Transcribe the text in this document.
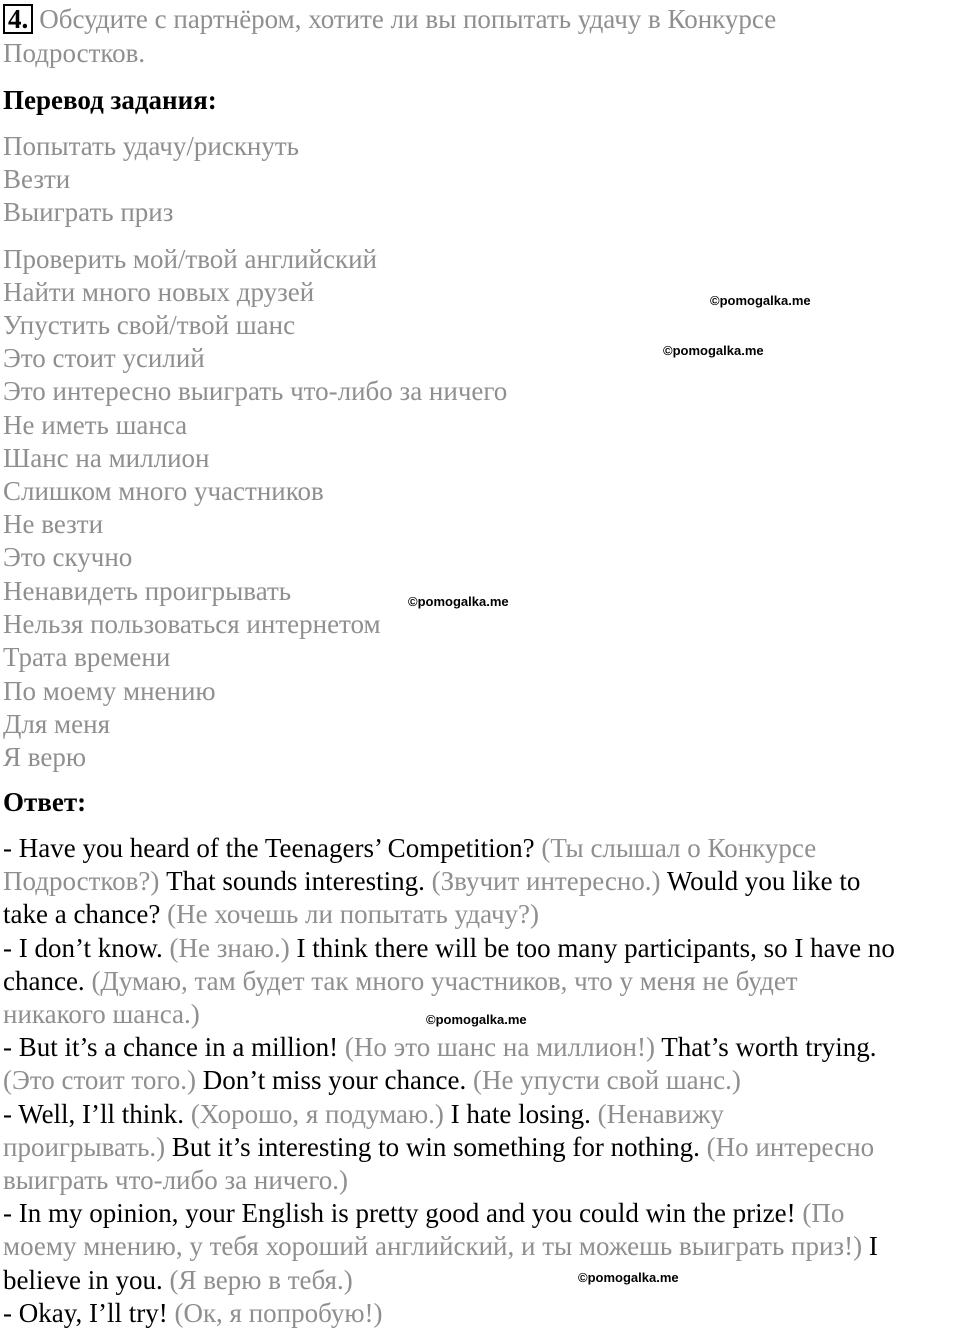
4. Обсудите с партнёром, хотите ли вы попытать удачу в Конкурсе
Подростков.
Перевод задания:
Попытать удачу/рискнуть
Везти
Выиграть приз
Проверить мой/твой английский
Найти много новых друзей
Упустить свой/твой шанс
Это стоит усилий
Это интересно выиграть что-либо за ничего
Не иметь шанса
Шанс на миллион
Слишком много участников
Не везти
Это скучно
Ненавидеть проигрывать
Нельзя пользоваться интернетом
Трата времени
По моему мнению
Для меня
Я верю
Ответ:
- Have you heard of the Teenagers’ Competition? (Ты слышал о Конкурсе
Подростков?) That sounds interesting. (Звучит интересно.) Would you like to
take a chance? (Не хочешь ли попытать удачу?)
- I don’t know. (Не знаю.) I think there will be too many participants, so I have no
chance. (Думаю, там будет так много участников, что у меня не будет
никакого шанса.)
- But it’s a chance in a million! (Но это шанс на миллион!) That’s worth trying.
(Это стоит того.) Don’t miss your chance. (Не упусти свой шанс.)
- Well, I’ll think. (Хорошо, я подумаю.) I hate losing. (Ненавижу
проигрывать.) But it’s interesting to win something for nothing. (Но интересно
выиграть что-либо за ничего.)
- In my opinion, your English is pretty good and you could win the prize! (По
моему мнению, у тебя хороший английский, и ты можешь выиграть приз!) I
believe in you. (Я верю в тебя.)
- Okay, I’ll try! (Ок, я попробую!)
©pomogalka.me
©pomogalka.me
©pomogalka.me
©pomogalka.me
©pomogalka.me
